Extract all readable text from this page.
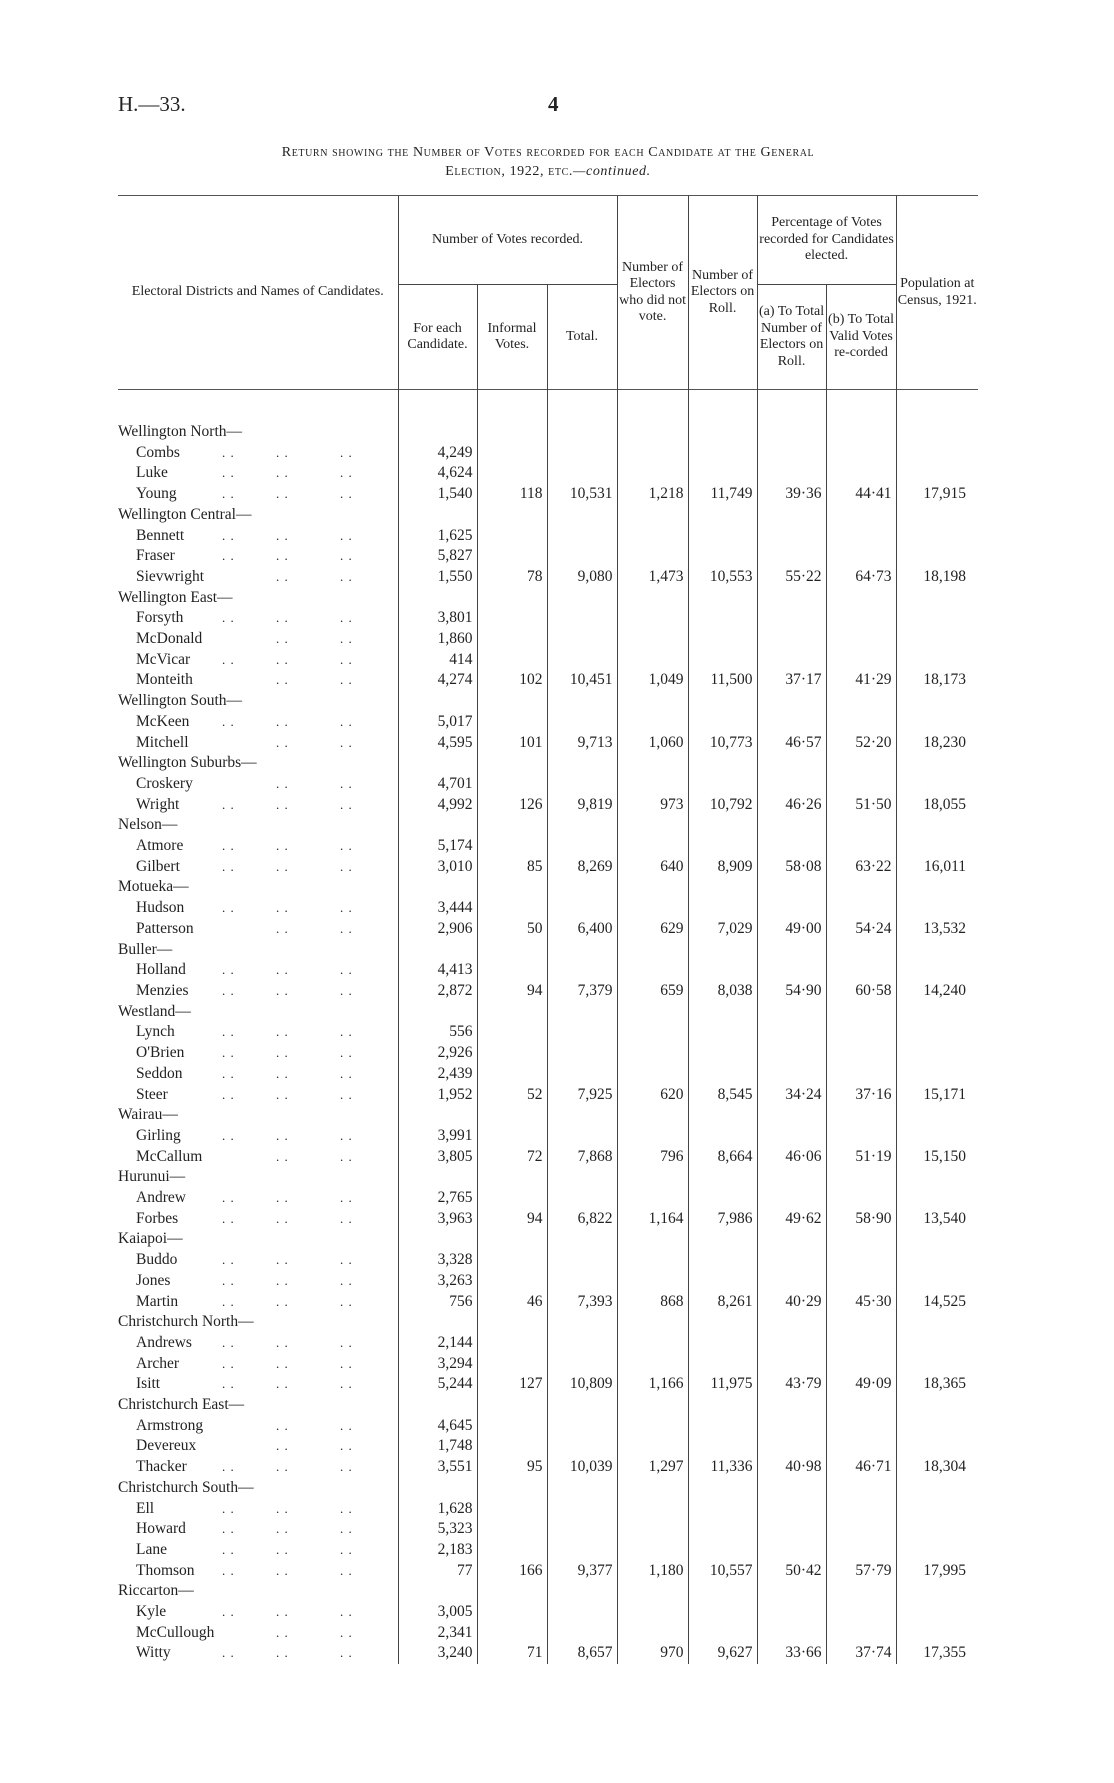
H.—33.	4
Return showing the Number of Votes recorded for each Candidate at the General
Election, 1922, etc.—continued.
Electoral Districts and Names of Candidates.	Number of Votes recorded.			Number of Electors who did not vote.	Number of Electors on Roll.	Percentage of Votes recorded for Candidates elected.		Population at Census, 1921.
	For each Candidate.	Informal Votes.	Total.			(a) To Total Number of Electors on Roll.	(b) To Total Valid Votes re-corded	

Wellington North—								

. . . . . .
Combs	4,249							

. . . . . .
Luke	4,624							

. . . . . .
Young	1,540	118	10,531	1,218	11,749	39·36	44·41	17,915
Wellington Central—								

. . . . . .
Bennett	1,625							

. . . . . .
Fraser	5,827							

. . . .
Sievwright	1,550	78	9,080	1,473	10,553	55·22	64·73	18,198
Wellington East—								

. . . . . .
Forsyth	3,801							

. . . .
McDonald	1,860							

. . . . . .
McVicar	414							

. . . .
Monteith	4,274	102	10,451	1,049	11,500	37·17	41·29	18,173
Wellington South—								

. . . . . .
McKeen	5,017							

. . . .
Mitchell	4,595	101	9,713	1,060	10,773	46·57	52·20	18,230
Wellington Suburbs—								

. . . .
Croskery	4,701							

. . . . . .
Wright	4,992	126	9,819	973	10,792	46·26	51·50	18,055
Nelson—								

. . . . . .
Atmore	5,174							

. . . . . .
Gilbert	3,010	85	8,269	640	8,909	58·08	63·22	16,011
Motueka—								

. . . . . .
Hudson	3,444							

. . . .
Patterson	2,906	50	6,400	629	7,029	49·00	54·24	13,532
Buller—								

. . . . . .
Holland	4,413							

. . . . . .
Menzies	2,872	94	7,379	659	8,038	54·90	60·58	14,240
Westland—								

. . . . . .
Lynch	556							

. . . . . .
O'Brien	2,926							

. . . . . .
Seddon	2,439							

. . . . . .
Steer	1,952	52	7,925	620	8,545	34·24	37·16	15,171
Wairau—								

. . . . . .
Girling	3,991							

. . . .
McCallum	3,805	72	7,868	796	8,664	46·06	51·19	15,150
Hurunui—								

. . . . . .
Andrew	2,765							

. . . . . .
Forbes	3,963	94	6,822	1,164	7,986	49·62	58·90	13,540
Kaiapoi—								

. . . . . .
Buddo	3,328							

. . . . . .
Jones	3,263							

. . . . . .
Martin	756	46	7,393	868	8,261	40·29	45·30	14,525
Christchurch North—								

. . . . . .
Andrews	2,144							

. . . . . .
Archer	3,294							

. . . . . .
Isitt	5,244	127	10,809	1,166	11,975	43·79	49·09	18,365
Christchurch East—								

. . . .
Armstrong	4,645							

. . . .
Devereux	1,748							

. . . . . .
Thacker	3,551	95	10,039	1,297	11,336	40·98	46·71	18,304
Christchurch South—								

. . . . . .
Ell	1,628							

. . . . . .
Howard	5,323							

. . . . . .
Lane	2,183							

. . . . . .
Thomson	77	166	9,377	1,180	10,557	50·42	57·79	17,995
Riccarton—								

. . . . . .
Kyle	3,005							

. . . .
McCullough	2,341							

. . . . . .
Witty	3,240	71	8,657	970	9,627	33·66	37·74	17,355
